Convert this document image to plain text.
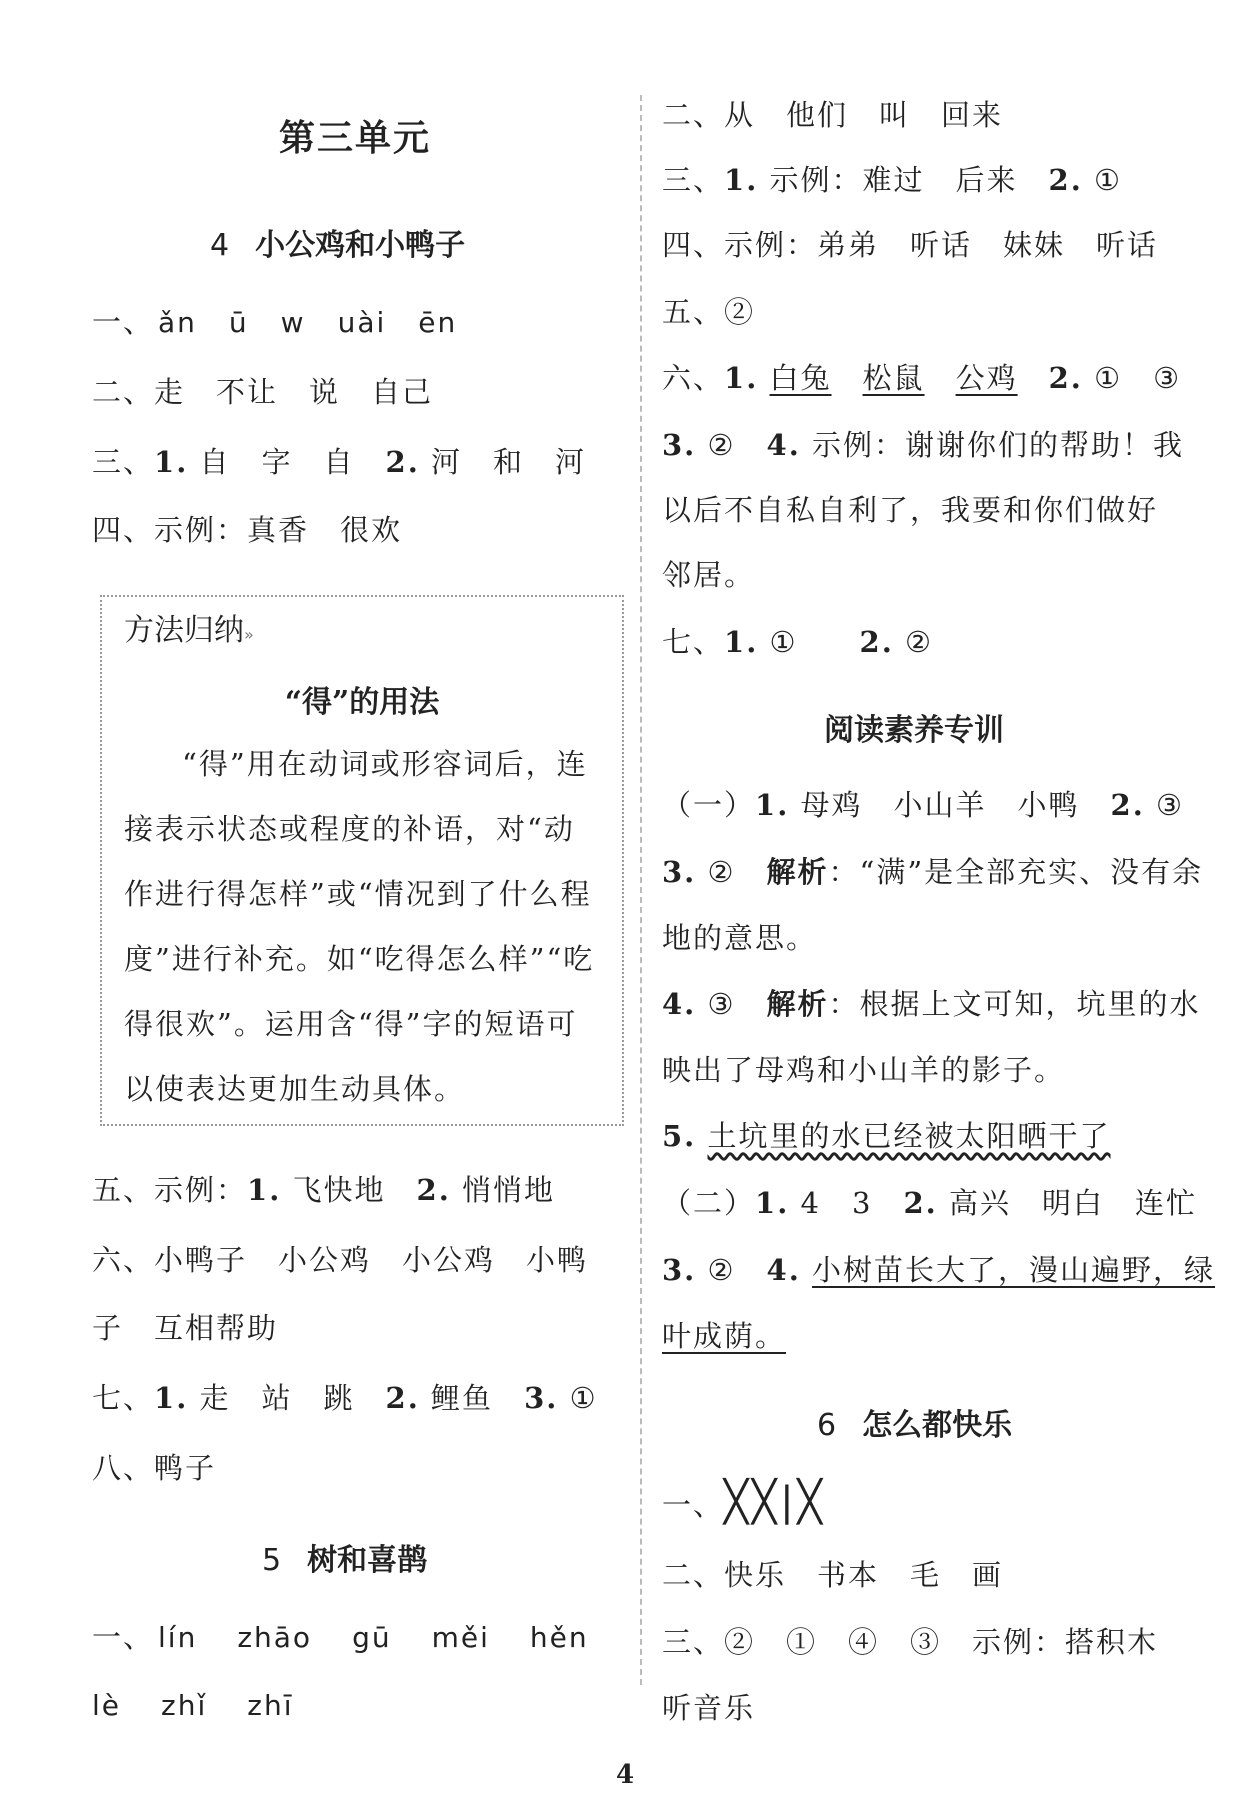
第三单元
4 小公鸡和小鸭子
一、 ǎn ū w uài ēn
二、走　不让　说　自己
三、1. 自　字　自　 2. 河　和　河
四、示例：真香　很欢
五、示例：1. 飞快地　 2. 悄悄地
六、小鸭子　小公鸡　小公鸡　小鸭
子　互相帮助
七、1. 走　站　跳　 2. 鲤鱼　 3. ①
八、鸭子
5 树和喜鹊
一、 lín zhāo gū měi hěn
lè zhǐ zhī
方法归纳»
“得”的用法

“得”用在动词或形容词后，连接表示状态或程度的补语，对“动作进行得怎样”或“情况到了什么程度”进行补充。如“吃得怎么样”“吃得很欢”。运用含“得”字的短语可以使表达更加生动具体。

二、从　他们　叫　回来
三、1. 示例：难过　后来　 2. ①
四、示例：弟弟　听话　妹妹　听话
五、②
六、1. 白兔　 松鼠　 公鸡　 2. ①　③
3. ②　 4. 示例：谢谢你们的帮助！我
以后不自私自利了，我要和你们做好
邻居。
七、1. ①　　 2. ②
阅读素养专训
（一）1. 母鸡　小山羊　小鸭　 2. ③
3. ②　 解析：“满”是全部充实、没有余
地的意思。
4. ③　 解析：根据上文可知，坑里的水
映出了母鸡和小山羊的影子。
5. 土坑里的水已经被太阳晒干了
（二）1. 4　3　 2. 高兴　明白　连忙
3. ②　 4. 小树苗长大了，漫山遍野，绿
叶成荫。
6 怎么都快乐
一、╳╳|╳
二、快乐　书本　毛　画
三、②　①　④　③　示例：搭积木
听音乐
4
